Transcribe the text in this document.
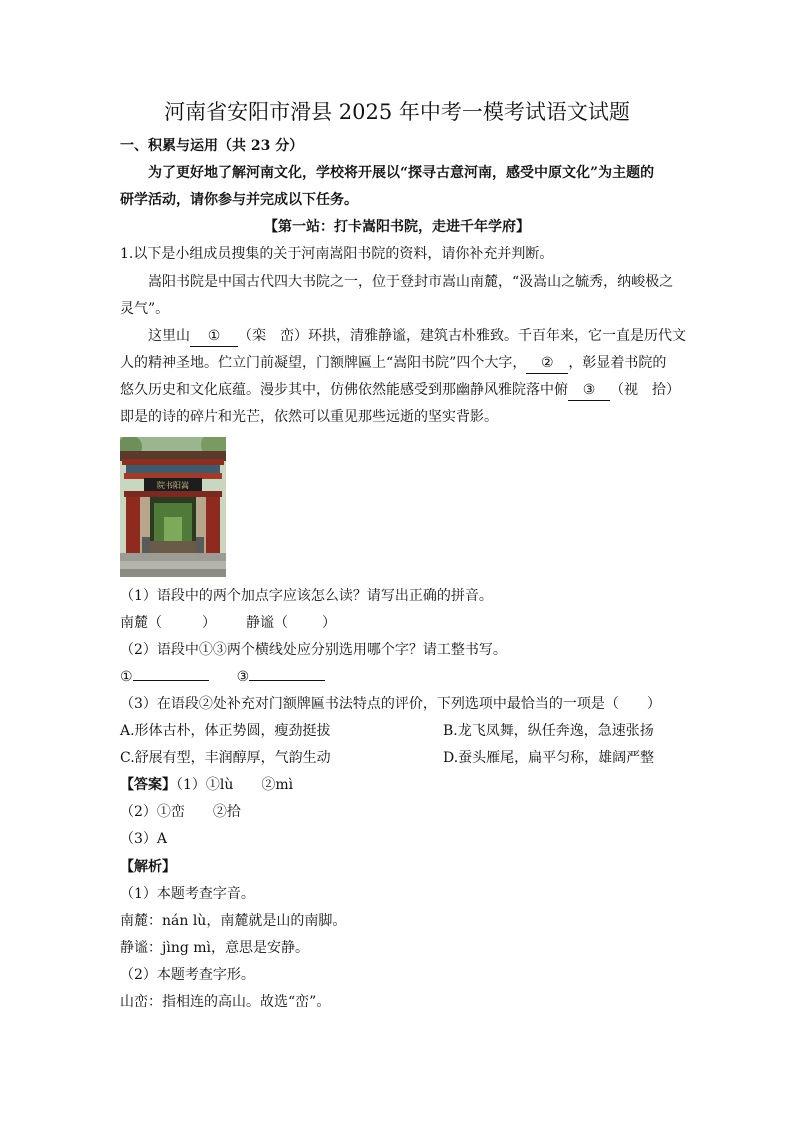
河南省安阳市滑县 2025 年中考一模考试语文试题
一、积累与运用（共 23 分）
为了更好地了解河南文化，学校将开展以“探寻古意河南，感受中原文化”为主题的
研学活动，请你参与并完成以下任务。
【第一站：打卡嵩阳书院，走进千年学府】
1.以下是小组成员搜集的关于河南嵩阳书院的资料，请你补充并判断。
嵩阳书院是中国古代四大书院之一，位于登封市嵩山南麓，“汲嵩山之毓秀，纳峻极之
灵气”。
这里山 ① （栾　峦）环拱，清雅静谧，建筑古朴雅致。千百年来，它一直是历代文
人的精神圣地。伫立门前凝望，门额牌匾上“嵩阳书院”四个大字， ② ，彰显着书院的
悠久历史和文化底蕴。漫步其中，仿佛依然能感受到那幽静风雅院落中俯 ③ （视　拾）
即是的诗的碎片和光芒，依然可以重见那些远逝的坚实背影。
院书阳嵩
（1）语段中的两个加点字应该怎么读？请写出正确的拼音。
南麓（	） 静谧（ ）
（2）语段中①③两个横线处应分别选用哪个字？请工整书写。
①	③
（3）在语段②处补充对门额牌匾书法特点的评价，下列选项中最恰当的一项是（　　）
A.形体古朴，体正势圆，瘦劲挺拔	B.龙飞凤舞，纵任奔逸，急速张扬
C.舒展有型，丰润醇厚，气韵生动	D.蚕头雁尾，扁平匀称，雄阔严整
【答案】（1）①lù　　②mì
（2）①峦　　②拾
（3）A
【解析】
（1）本题考查字音。
南麓：nán lù，南麓就是山的南脚。
静谧：jìng mì，意思是安静。
（2）本题考查字形。
山峦：指相连的高山。故选“峦”。
